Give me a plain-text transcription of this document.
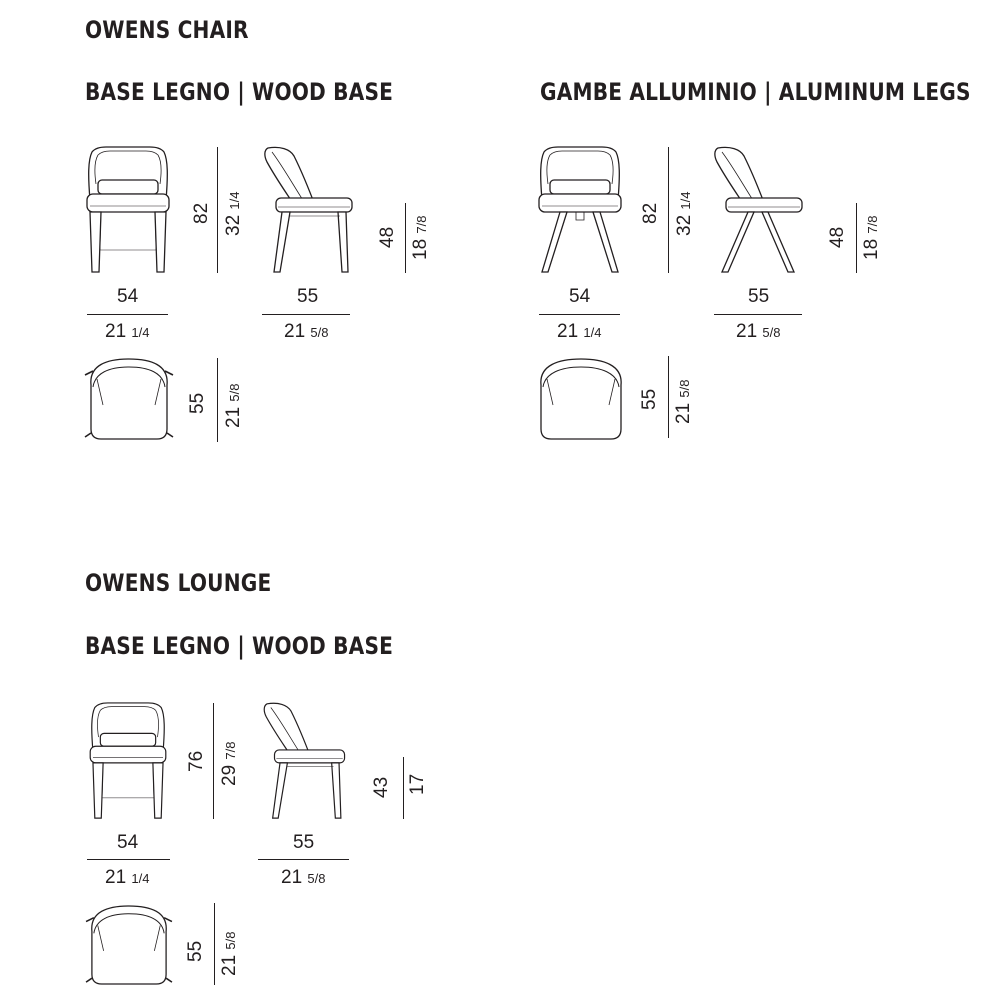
OWENS CHAIR
BASE LEGNO | WOOD BASE
82
32 1/4
54
21 1/4
48
18 7/8
55
21 5/8
55
21 5/8
GAMBE ALLUMINIO | ALUMINUM LEGS
82
32 1/4
54
21 1/4
48
18 7/8
55
21 5/8
55
21 5/8
OWENS LOUNGE
BASE LEGNO | WOOD BASE
76
29 7/8
54
21 1/4
43 17
55
21 5/8
55
21 5/8
